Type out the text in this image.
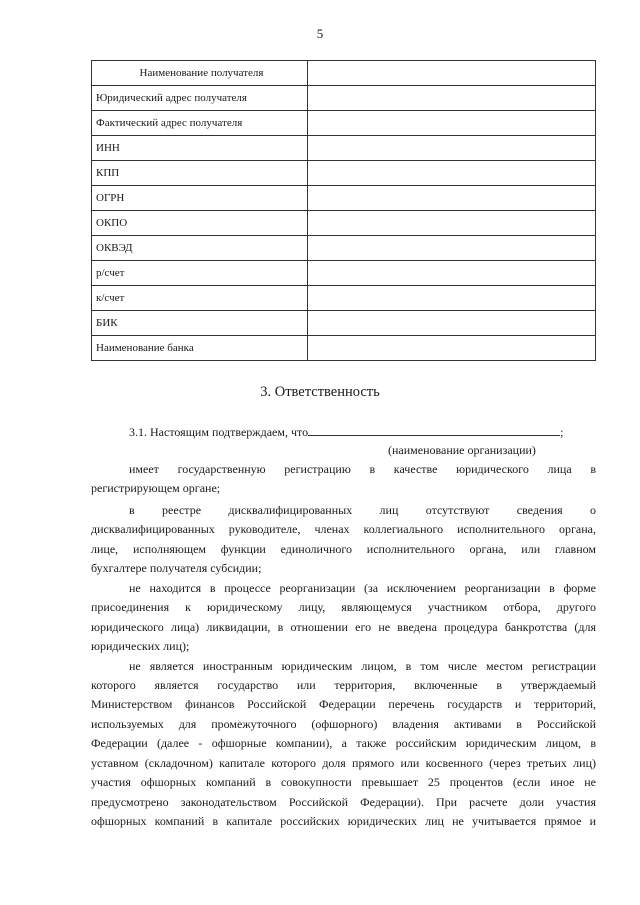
5
Наименование получателя	
Юридический адрес получателя	
Фактический адрес получателя	
ИНН	
КПП	
ОГРН	
ОКПО	
ОКВЭД	
р/счет	
к/счет	
БИК	
Наименование банка	
3. Ответственность
3.1. Настоящим подтверждаем, что	;
(наименование организации)
имеет государственную регистрацию в качестве юридического лица в
регистрирующем органе;
в реестре дисквалифицированных лиц отсутствуют сведения о
дисквалифицированных руководителе, членах коллегиального исполнительного органа,
лице, исполняющем функции единоличного исполнительного органа, или главном
бухгалтере получателя субсидии;
не находится в процессе реорганизации (за исключением реорганизации в форме
присоединения к юридическому лицу, являющемуся участником отбора, другого
юридического лица) ликвидации, в отношении его не введена процедура банкротства (для
юридических лиц);
не является иностранным юридическим лицом, в том числе местом регистрации
которого является государство или территория, включенные в утверждаемый
Министерством финансов Российской Федерации перечень государств и территорий,
используемых для промежуточного (офшорного) владения активами в Российской
Федерации (далее - офшорные компании), а также российским юридическим лицом, в
уставном (складочном) капитале которого доля прямого или косвенного (через третьих лиц)
участия офшорных компаний в совокупности превышает 25 процентов (если иное не
предусмотрено законодательством Российской Федерации). При расчете доли участия
офшорных компаний в капитале российских юридических лиц не учитывается прямое и
